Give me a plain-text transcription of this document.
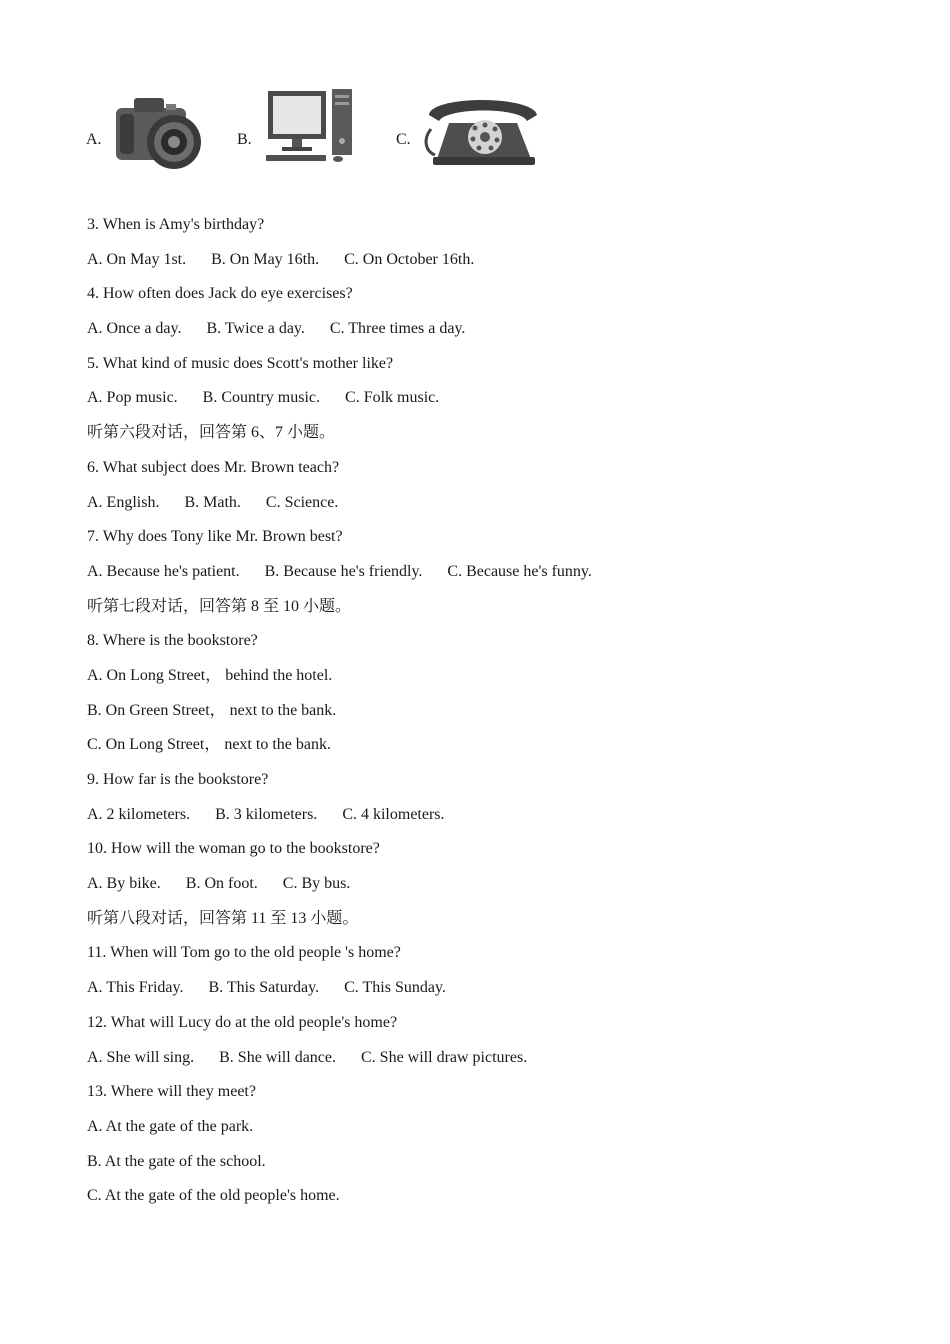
A.	B.	C.
3. When is Amy's birthday?
A. On May 1st. B. On May 16th. C. On October 16th.
4. How often does Jack do eye exercises?
A. Once a day. B. Twice a day. C. Three times a day.
5. What kind of music does Scott's mother like?
A. Pop music. B. Country music. C. Folk music.
听第六段对话，回答第 6、7 小题。
6. What subject does Mr. Brown teach?
A. English. B. Math. C. Science.
7. Why does Tony like Mr. Brown best?
A. Because he's patient. B. Because he's friendly. C. Because he's funny.
听第七段对话，回答第 8 至 10 小题。
8. Where is the bookstore?
A. On Long Street， behind the hotel.
B. On Green Street， next to the bank.
C. On Long Street， next to the bank.
9. How far is the bookstore?
A. 2 kilometers. B. 3 kilometers. C. 4 kilometers.
10. How will the woman go to the bookstore?
A. By bike. B. On foot. C. By bus.
听第八段对话，回答第 11 至 13 小题。
11. When will Tom go to the old people 's home?
A. This Friday. B. This Saturday. C. This Sunday.
12. What will Lucy do at the old people's home?
A. She will sing. B. She will dance. C. She will draw pictures.
13. Where will they meet?
A. At the gate of the park.
B. At the gate of the school.
C. At the gate of the old people's home.
